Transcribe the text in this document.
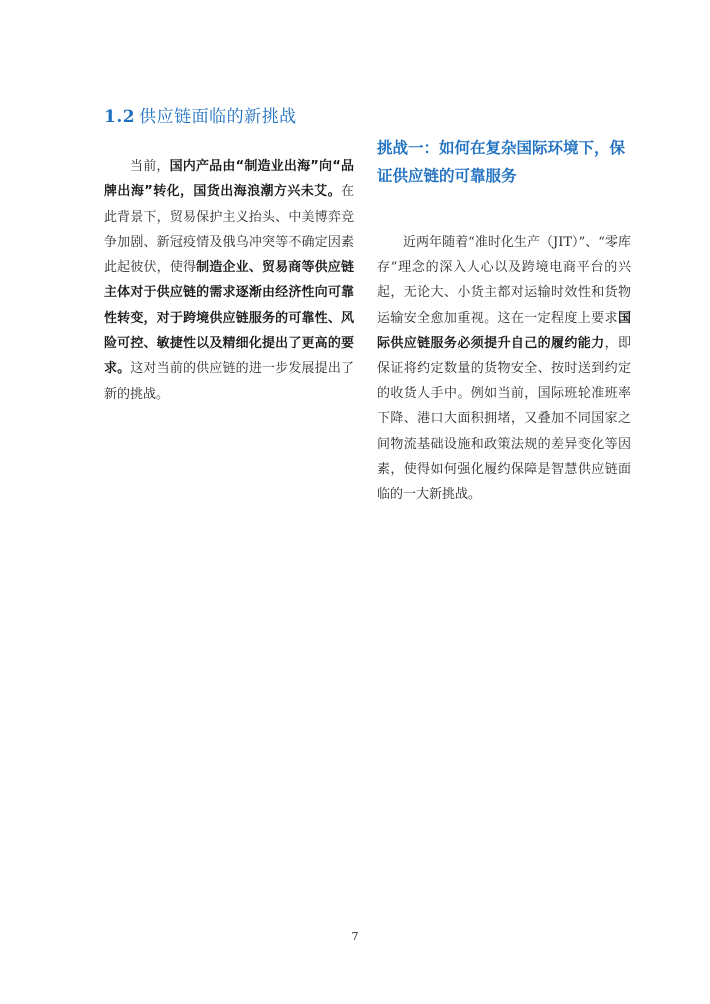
1.2 供应链面临的新挑战

当前，国内产品由“制造业出海”向“品牌出海”转化，国货出海浪潮方兴未艾。在此背景下，贸易保护主义抬头、中美博弈竞争加剧、新冠疫情及俄乌冲突等不确定因素此起彼伏，使得制造企业、贸易商等供应链主体对于供应链的需求逐渐由经济性向可靠性转变，对于跨境供应链服务的可靠性、风险可控、敏捷性以及精细化提出了更高的要求。这对当前的供应链的进一步发展提出了新的挑战。

挑战一：如何在复杂国际环境下，保证供应链的可靠服务

近两年随着“准时化生产（JIT）”、“零库存”理念的深入人心以及跨境电商平台的兴起，无论大、小货主都对运输时效性和货物运输安全愈加重视。这在一定程度上要求国际供应链服务必须提升自己的履约能力，即保证将约定数量的货物安全、按时送到约定的收货人手中。例如当前，国际班轮准班率下降、港口大面积拥堵，又叠加不同国家之间物流基础设施和政策法规的差异变化等因素，使得如何强化履约保障是智慧供应链面临的一大新挑战。

7
